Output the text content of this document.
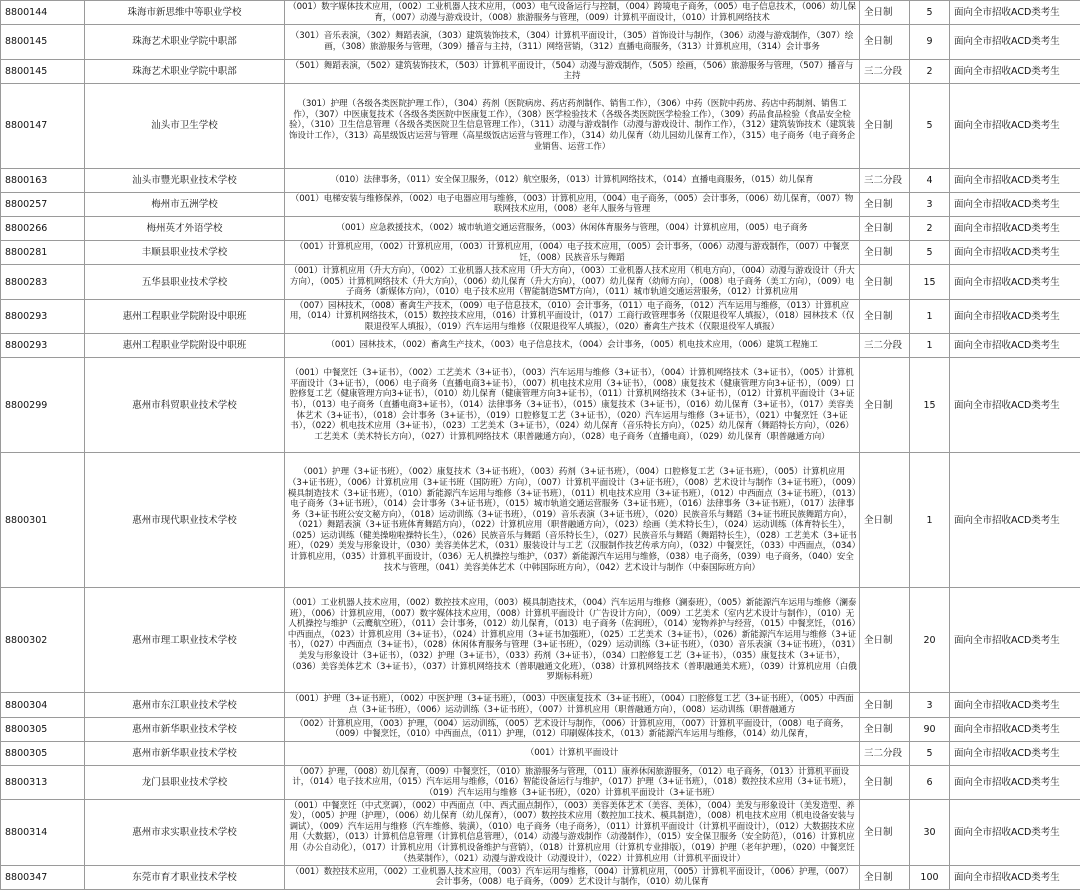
8800144	珠海市新思维中等职业学校	（001）数字媒体技术应用，（002）工业机器人技术应用，（003）电气设备运行与控制，（004）跨境电子商务，（005）电子信息技术，（006）幼儿保育，（007）动漫与游戏设计，（008）旅游服务与管理，（009）计算机平面设计，（010）计算机网络技术	全日制	5	面向全市招收ACD类考生
8800145	珠海艺术职业学院中职部	（301）音乐表演，（302）舞蹈表演，（303）建筑装饰技术，（304）计算机平面设计，（305）首饰设计与制作，（306）动漫与游戏制作，（307）绘画，（308）旅游服务与管理，（309）播音与主持，（311）网络营销，（312）直播电商服务，（313）计算机应用，（314）会计事务	全日制	9	面向全市招收ACD类考生
8800145	珠海艺术职业学院中职部	（501）舞蹈表演，（502）建筑装饰技术，（503）计算机平面设计，（504）动漫与游戏制作，（505）绘画，（506）旅游服务与管理，（507）播音与主持	三二分段	2	面向全市招收ACD类考生
8800147	汕头市卫生学校	（301）护理（各级各类医院护理工作），（304）药剂（医院病房、药店药剂制作、销售工作），（306）中药（医院中药房、药店中药制剂、销售工作），（307）中医康复技术（各级各类医院中医康复工作），（308）医学检验技术（各级各类医院医学检验工作），（309）药品食品检验（食品安全检验），（310）卫生信息管理（各级各类医院卫生信息管理工作），（311）动漫与游戏制作（动漫与游戏设计、制作工作），（312）建筑装饰技术（建筑装饰设计工作），（313）高星级饭店运营与管理（高星级饭店运营与管理工作），（314）幼儿保育（幼儿园幼儿保育工作），（315）电子商务（电子商务企业销售、运营工作）	全日制	5	面向全市招收ACD类考生
8800163	汕头市豐光职业技术学校	（010）法律事务，（011）安全保卫服务，（012）航空服务，（013）计算机网络技术，（014）直播电商服务，（015）幼儿保育	三二分段	4	面向全市招收ACD类考生
8800257	梅州市五洲学校	（001）电梯安装与维修保养，（002）电子电器应用与维修，（003）计算机应用，（004）电子商务，（005）会计事务，（006）幼儿保育，（007）物联网技术应用，（008）老年人服务与管理	全日制	3	面向全市招收ACD类考生
8800266	梅州英才外语学校	（001）应急救援技术，（002）城市轨道交通运营服务，（003）休闲体育服务与管理，（004）计算机应用，（005）电子商务	全日制	2	面向全市招收ACD类考生
8800281	丰顺县职业技术学校	（001）计算机应用，（002）计算机应用，（003）计算机应用，（004）电子技术应用，（005）会计事务，（006）动漫与游戏制作，（007）中餐烹饪，（008）民族音乐与舞蹈	全日制	5	面向全市招收ACD类考生
8800283	五华县职业技术学校	（001）计算机应用（升大方向），（002）工业机器人技术应用（升大方向），（003）工业机器人技术应用（机电方向），（004）动漫与游戏设计（升大方向），（005）计算机网络技术（升大方向），（006）幼儿保育（升大方向），（007）幼儿保育（幼师方向），（008）电子商务（美工方向），（009）电子商务（新媒体方向），（010）电子技术应用（智能制造SMT方向），（011）城市轨道交通运营服务，（012）计算机应用	全日制	15	面向全市招收ACD类考生
8800293	惠州工程职业学院附设中职班	（007）园林技术，（008）畜禽生产技术，（009）电子信息技术，（010）会计事务，（011）电子商务，（012）汽车运用与维修，（013）计算机应用，（014）计算机网络技术，（015）数控技术应用，（016）计算机平面设计，（017）工商行政管理事务（仅限退役军人填报），（018）园林技术（仅限退役军人填报），（019）汽车运用与维修（仅限退役军人填报），（020）畜禽生产技术（仅限退役军人填报）	全日制	1	面向全市招收ACD类考生
8800293	惠州工程职业学院附设中职班	（001）园林技术，（002）畜禽生产技术，（003）电子信息技术，（004）会计事务，（005）机电技术应用，（006）建筑工程施工	三二分段	1	面向全市招收ACD类考生
8800299	惠州市科贸职业技术学校	（001）中餐烹饪（3+证书），（002）工艺美术（3+证书），（003）汽车运用与维修（3+证书），（004）计算机网络技术（3+证书），（005）计算机平面设计（3+证书），（006）电子商务（直播电商3+证书），（007）机电技术应用（3+证书），（008）康复技术（健康管理方向3+证书），（009）口腔修复工艺（健康管理方向3+证书），（010）幼儿保育（健康管理方向3+证书），（011）计算机网络技术（3+证书），（012）计算机平面设计（3+证书），（013）电子商务（直播电商3+证书），（014）法律事务（3+证书），（015）康复技术（3+证书），（016）幼儿保育（3+证书），（017）美容美体艺术（3+证书），（018）会计事务（3+证书），（019）口腔修复工艺（3+证书），（020）汽车运用与维修（3+证书），（021）中餐烹饪（3+证书），（022）机电技术应用（3+证书），（023）工艺美术（3+证书），（024）幼儿保育（音乐特长方向），（025）幼儿保育（舞蹈特长方向），（026）工艺美术（美术特长方向），（027）计算机网络技术（职普融通方向），（028）电子商务（直播电商），（029）幼儿保育（职普融通方向）	全日制	15	面向全市招收ACD类考生
8800301	惠州市现代职业技术学校	（001）护理（3+证书班），（002）康复技术（3+证书班），（003）药剂（3+证书班），（004）口腔修复工艺（3+证书班），（005）计算机应用（3+证书班），（006）计算机应用（3+证书班（国防班）方向），（007）计算机平面设计（3+证书班），（008）艺术设计与制作（3+证书班），（009）模具制造技术（3+证书班），（010）新能源汽车运用与维修（3+证书班），（011）机电技术应用（3+证书班），（012）中西面点（3+证书班），（013）电子商务（3+证书班），（014）会计事务（3+证书班），（015）城市轨道交通运营服务（3+证书班），（016）法律事务（3+证书班），（017）法律事务（3+证书班公安文秘方向），（018）运动训练（3+证书班），（019）音乐表演（3+证书班），（020）民族音乐与舞蹈（3+证书班民族舞蹈方向），（021）舞蹈表演（3+证书班体育舞蹈方向），（022）计算机应用（职普融通方向），（023）绘画（美术特长生），（024）运动训练（体育特长生），（025）运动训练（健美操啦啦操特长生），（026）民族音乐与舞蹈（音乐特长生），（027）民族音乐与舞蹈（舞蹈特长生），（028）工艺美术（3+证书班），（029）美发与形象设计，（030）美容美体艺术，（031）服装设计与工艺（汉服制作技艺传承方向），（032）中餐烹饪，（033）中西面点，（034）计算机应用，（035）计算机平面设计，（036）无人机操控与维护，（037）新能源汽车运用与维修，（038）电子商务，（039）电子商务，（040）安全技术与管理，（041）美容美体艺术（中韩国际班方向），（042）艺术设计与制作（中泰国际班方向）	全日制	1	面向全市招收ACD类考生
8800302	惠州市理工职业技术学校	（001）工业机器人技术应用，（002）数控技术应用，（003）模具制造技术，（004）汽车运用与维修（澜泰班），（005）新能源汽车运用与维修（澜泰班），（006）计算机应用，（007）数字媒体技术应用，（008）计算机平面设计（广告设计方向），（009）工艺美术（室内艺术设计与制作），（010）无人机操控与维护（云鹰航空班），（011）会计事务，（012）幼儿保育，（013）电子商务（佐润班），（014）宠物养护与经营，（015）中餐烹饪，（016）中西面点，（023）计算机应用（3+证书），（024）计算机应用（3+证书加强班），（025）工艺美术（3+证书），（026）新能源汽车运用与维修（3+证书），（027）中西面点（3+证书），（028）休闲体育服务与管理（3+证书班），（029）运动训练（3+证书班），（030）音乐表演（3+证书班），（031）美发与形象设计（3+证书），（032）护理（3+证书），（033）药剂（3+证书），（034）口腔修复工艺（3+证书），（035）康复技术（3+证书），（036）美容美体艺术（3+证书），（037）计算机网络技术（普职融通文化班），（038）计算机网络技术（普职融通美术班），（039）计算机应用（白俄罗斯标科班）	全日制	20	面向全市招收ACD类考生
8800304	惠州市东江职业技术学校	（001）护理（3+证书班），（002）中医护理（3+证书班），（003）中医康复技术（3+证书班），（004）口腔修复工艺（3+证书班），（005）中西面点（3+证书班），（006）运动训练（3+证书班），（007）计算机应用（职普融通方向），（008）运动训练（职普融通方	全日制	3	面向全市招收ACD类考生
8800305	惠州市新华职业技术学校	（002）计算机应用，（003）护理，（004）运动训练，（005）艺术设计与制作，（006）计算机应用，（007）计算机平面设计，（008）电子商务，（009）中餐烹饪，（010）中西面点，（011）护理，（012）印刷媒体技术，（013）新能源汽车运用与维修，（014）幼儿保育，	全日制	90	面向全市招收ACD类考生
8800305	惠州市新华职业技术学校	（001）计算机平面设计	三二分段	5	面向全市招收ACD类考生
8800313	龙门县职业技术学校	（007）护理，（008）幼儿保育，（009）中餐烹饪，（010）旅游服务与管理，（011）康养休闲旅游服务，（012）电子商务，（013）计算机平面设计，（014）电子技术应用，（015）汽车运用与维修，（016）智能设备运行与维护，（017）护理（3+证书班），（018）数控技术应用（3+证书班），（019）汽车运用与维修（3+证书班），（020）计算机平面设计（3+证书班）	全日制	6	面向全市招收ACD类考生
8800314	惠州市求实职业技术学校	（001）中餐烹饪（中式烹调），（002）中西面点（中、西式面点制作），（003）美容美体艺术（美容、美体），（004）美发与形象设计（美发造型、养发），（005）护理（护理），（006）幼儿保育（幼儿保育），（007）数控技术应用（数控加工技术、模具制造），（008）机电技术应用（机电设备安装与调试），（009）汽车运用与维修（汽车维修、装潢），（010）电子商务（电子商务），（011）计算机平面设计（计算机平面设计），（012）大数据技术应用（大数据），（013）计算机信息管理（计算机信息管理），（014）动漫与游戏制作（动漫制作），（015）安全保卫服务（安全防范），（016）计算机应用（办公自动化），（017）计算机应用（计算机设备维护与营销），（018）计算机应用（计算机专业排版），（019）护理（老年护理），（020）中餐烹饪（热菜制作），（021）动漫与游戏设计（动漫设计），（022）计算机应用（计算机平面设计）	全日制	30	面向全市招收ACD类考生
8800347	东莞市育才职业技术学校	（001）数控技术应用，（002）工业机器人技术应用，（003）汽车运用与维修，（004）计算机应用，（005）计算机平面设计，（006）护理，（007）会计事务，（008）电子商务，（009）艺术设计与制作，（010）幼儿保育	全日制	100	面向全市招收ACD类考生
